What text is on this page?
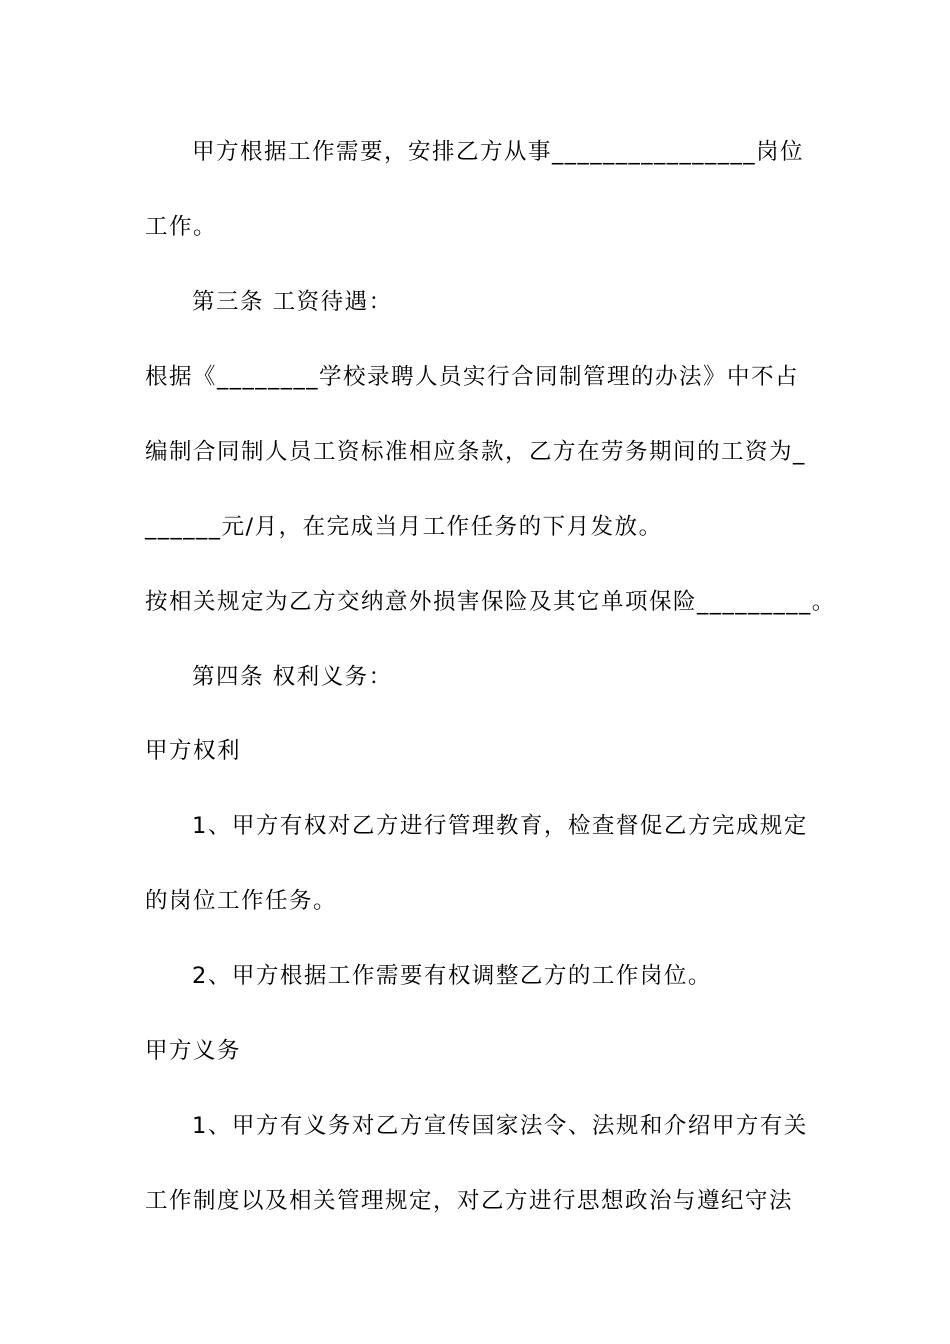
甲方根据工作需要，安排乙方从事________________岗位
工作。
第三条 工资待遇：
根据《________学校录聘人员实行合同制管理的办法》中不占
编制合同制人员工资标准相应条款，乙方在劳务期间的工资为_
______元/月，在完成当月工作任务的下月发放。
按相关规定为乙方交纳意外损害保险及其它单项保险_________。
第四条 权利义务：
甲方权利
1、甲方有权对乙方进行管理教育，检查督促乙方完成规定
的岗位工作任务。
2、甲方根据工作需要有权调整乙方的工作岗位。
甲方义务
1、甲方有义务对乙方宣传国家法令、法规和介绍甲方有关
工作制度以及相关管理规定，对乙方进行思想政治与遵纪守法
